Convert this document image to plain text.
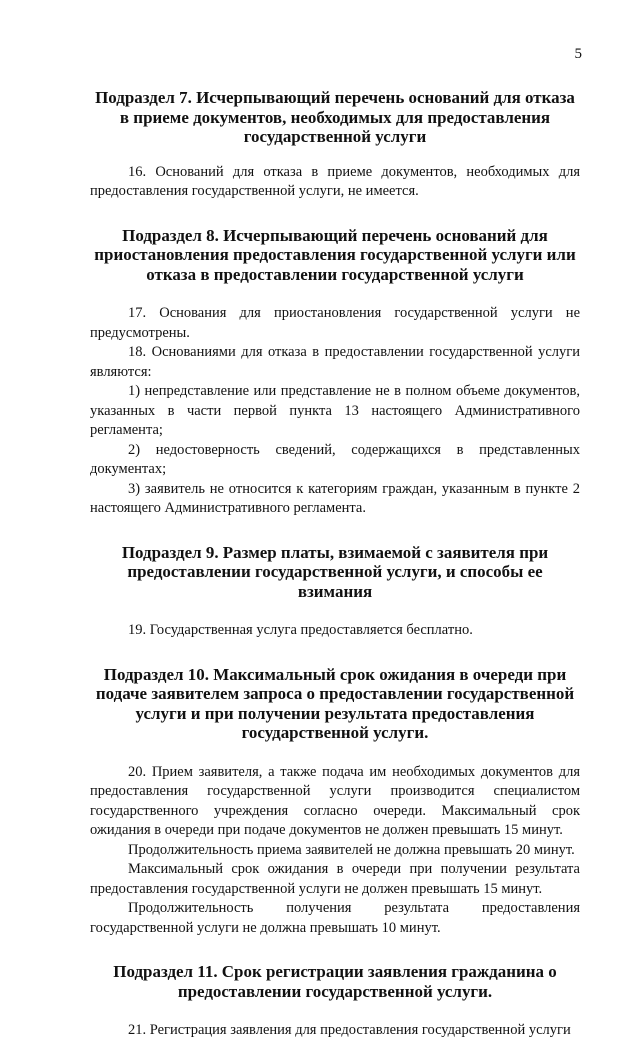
5
Подраздел 7. Исчерпывающий перечень оснований для отказа в приеме документов, необходимых для предоставления государственной услуги

16. Оснований для отказа в приеме документов, необходимых для предоставления государственной услуги, не имеется.

Подраздел 8. Исчерпывающий перечень оснований для приостановления предоставления государственной услуги или отказа в предоставлении государственной услуги

17. Основания для приостановления государственной услуги не предусмотрены.

18. Основаниями для отказа в предоставлении государственной услуги являются:

1) непредставление или представление не в полном объеме документов, указанных в части первой пункта 13 настоящего Административного регламента;

2) недостоверность сведений, содержащихся в представленных документах;

3) заявитель не относится к категориям граждан, указанным в пункте 2 настоящего Административного регламента.

Подраздел 9. Размер платы, взимаемой с заявителя при предоставлении государственной услуги, и способы ее взимания

19. Государственная услуга предоставляется бесплатно.

Подраздел 10. Максимальный срок ожидания в очереди при подаче заявителем запроса о предоставлении государственной услуги и при получении результата предоставления государственной услуги.

20. Прием заявителя, а также подача им необходимых документов для предоставления государственной услуги производится специалистом государственного учреждения согласно очереди. Максимальный срок ожидания в очереди при подаче документов не должен превышать 15 минут.

Продолжительность приема заявителей не должна превышать 20 минут.

Максимальный срок ожидания в очереди при получении результата предоставления государственной услуги не должен превышать 15 минут.

Продолжительность получения результата предоставления государственной услуги не должна превышать 10 минут.

Подраздел 11. Срок регистрации заявления гражданина о предоставлении государственной услуги.

21. Регистрация заявления для предоставления государственной услуги
